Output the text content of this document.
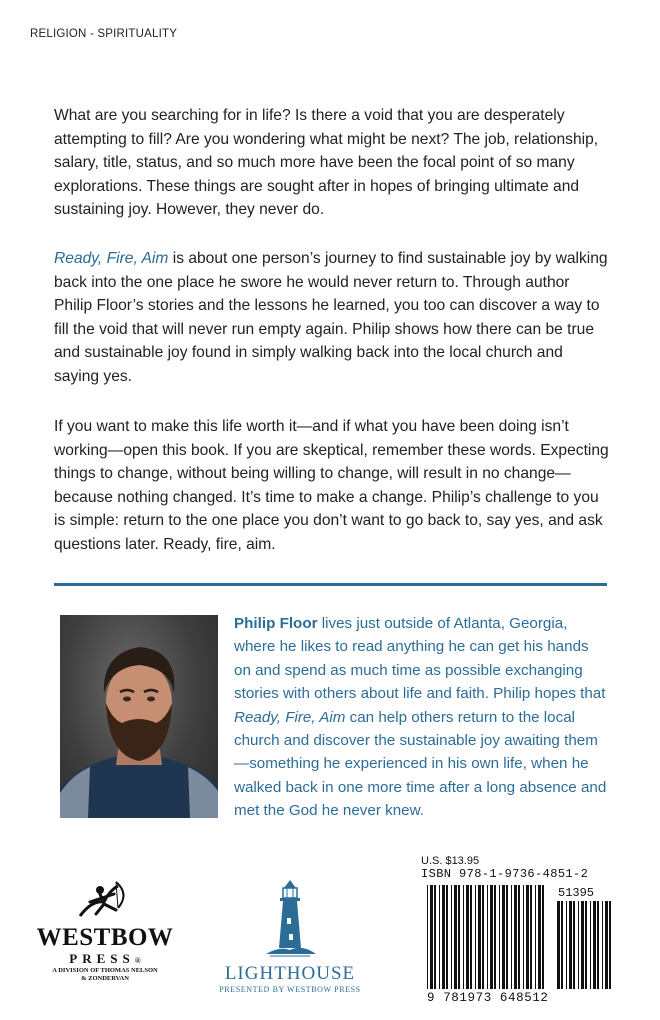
RELIGION - SPIRITUALITY
What are you searching for in life? Is there a void that you are desperately attempting to fill? Are you wondering what might be next? The job, relationship, salary, title, status, and so much more have been the focal point of so many explorations. These things are sought after in hopes of bringing ultimate and sustaining joy. However, they never do.
Ready, Fire, Aim is about one person’s journey to find sustainable joy by walking back into the one place he swore he would never return to. Through author Philip Floor’s stories and the lessons he learned, you too can discover a way to fill the void that will never run empty again. Philip shows how there can be true and sustainable joy found in simply walking back into the local church and saying yes.
If you want to make this life worth it—and if what you have been doing isn’t working—open this book. If you are skeptical, remember these words. Expecting things to change, without being willing to change, will result in no change—because nothing changed. It’s time to make a change. Philip’s challenge to you is simple: return to the one place you don’t want to go back to, say yes, and ask questions later. Ready, fire, aim.
Philip Floor lives just outside of Atlanta, Georgia, where he likes to read anything he can get his hands on and spend as much time as possible exchanging stories with others about life and faith. Philip hopes that Ready, Fire, Aim can help others return to the local church and discover the sustainable joy awaiting them—something he experienced in his own life, when he walked back in one more time after a long absence and met the God he never knew.
U.S. $13.95
ISBN 978-1-9736-4851-2
51395
9 781973 648512
WESTBOW
PRESS®
A DIVISION OF THOMAS NELSON
& ZONDERVAN	LIGHTHOUSE
PRESENTED BY WESTBOW PRESS
